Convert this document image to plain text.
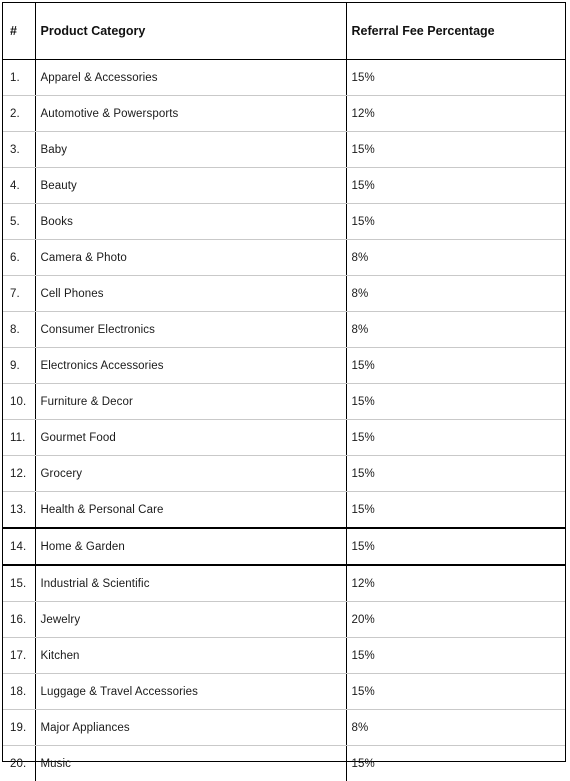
#	Product Category	Referral Fee Percentage
1.	Apparel & Accessories	15%
2.	Automotive & Powersports	12%
3.	Baby	15%
4.	Beauty	15%
5.	Books	15%
6.	Camera & Photo	8%
7.	Cell Phones	8%
8.	Consumer Electronics	8%
9.	Electronics Accessories	15%
10.	Furniture & Decor	15%
11.	Gourmet Food	15%
12.	Grocery	15%
13.	Health & Personal Care	15%
14.	Home & Garden	15%
15.	Industrial & Scientific	12%
16.	Jewelry	20%
17.	Kitchen	15%
18.	Luggage & Travel Accessories	15%
19.	Major Appliances	8%
20.	Music	15%
